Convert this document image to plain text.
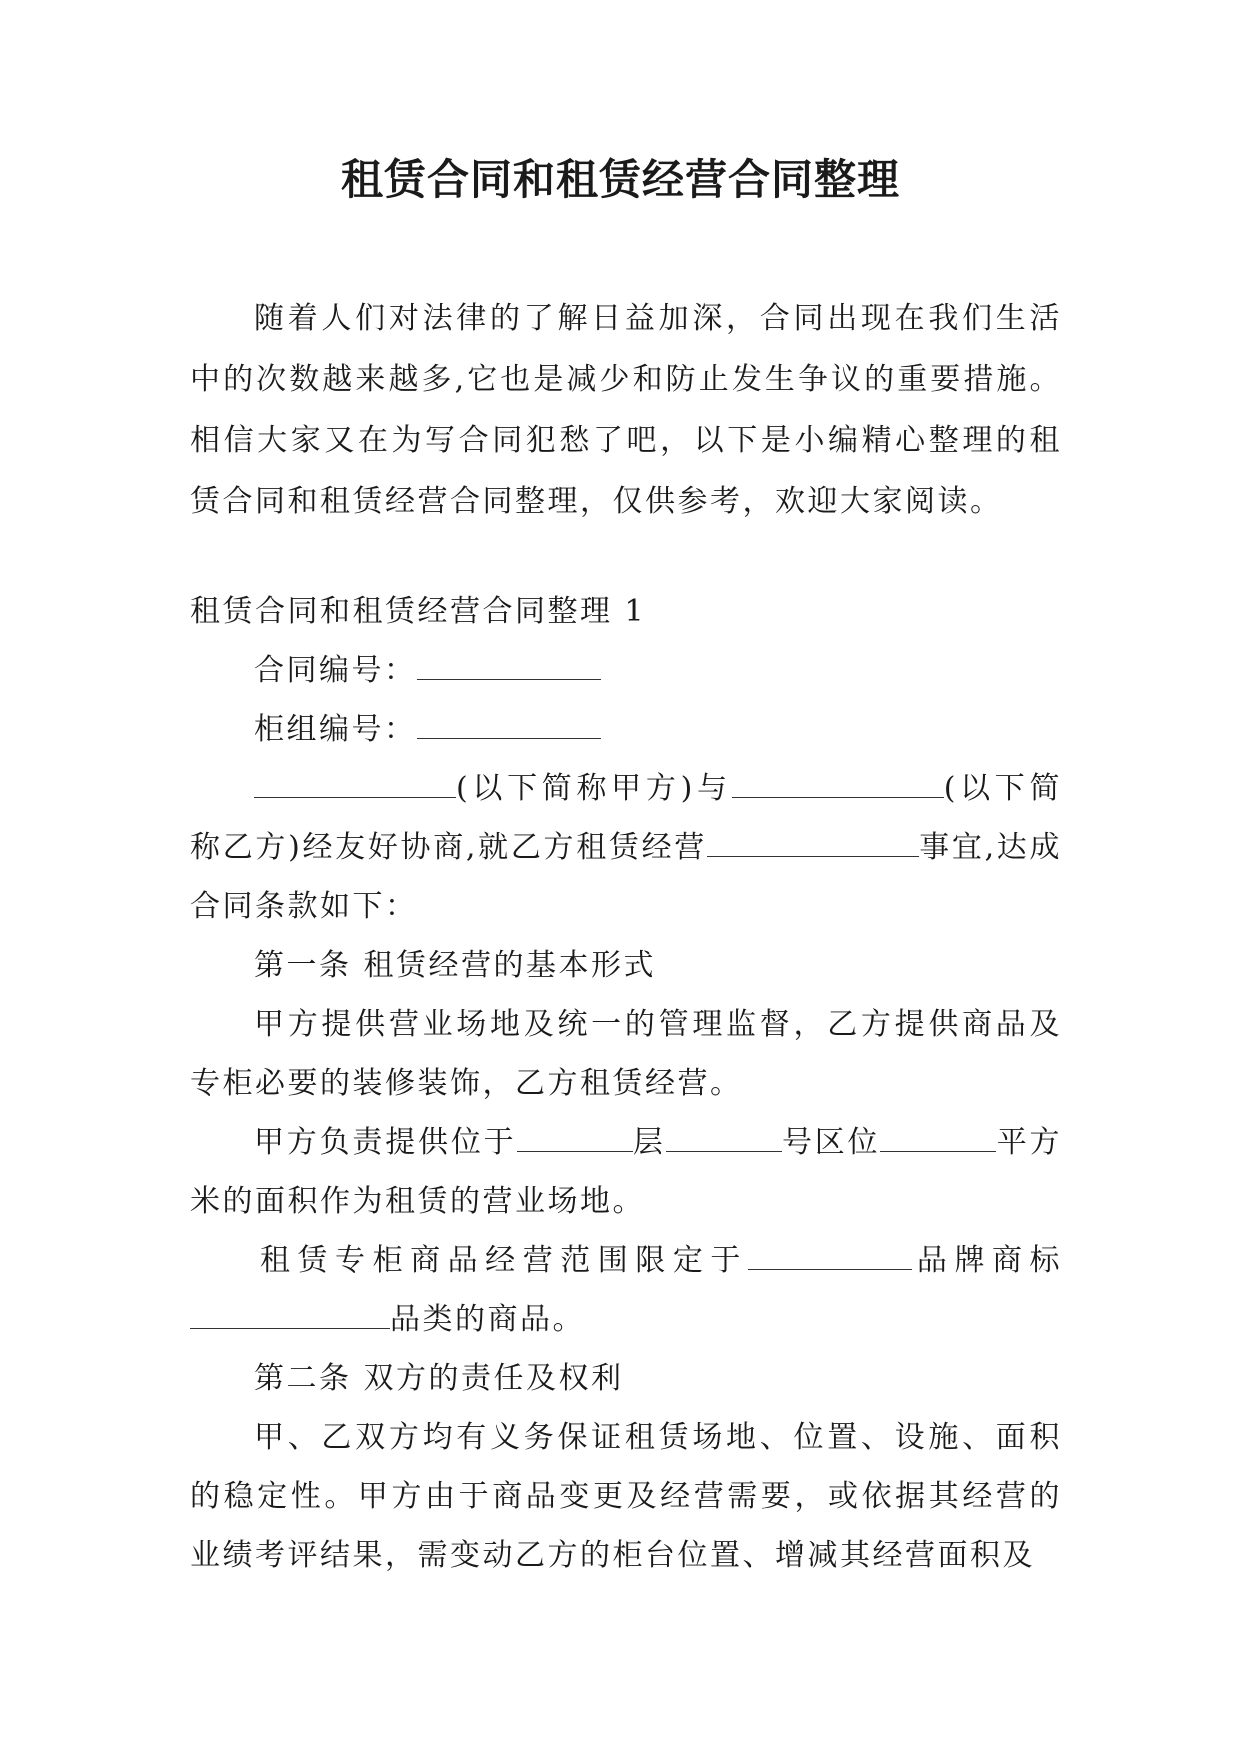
租赁合同和租赁经营合同整理

随着人们对法律的了解日益加深，合同出现在我们生活中的次数越来越多,它也是减少和防止发生争议的重要措施。相信大家又在为写合同犯愁了吧，以下是小编精心整理的租赁合同和租赁经营合同整理，仅供参考，欢迎大家阅读。

租赁合同和租赁经营合同整理 1

合同编号：

柜组编号：

(以下简称甲方)与	(以下简称乙方)经友好协商,就乙方租赁经营	事宜,达成合同条款如下：

第一条 租赁经营的基本形式

甲方提供营业场地及统一的管理监督，乙方提供商品及专柜必要的装修装饰，乙方租赁经营。

甲方负责提供位于	层	号区位	平方米的面积作为租赁的营业场地。

租赁专柜商品经营范围限定于	品牌商标品类的商品。

第二条 双方的责任及权利

甲、乙双方均有义务保证租赁场地、位置、设施、面积的稳定性。甲方由于商品变更及经营需要，或依据其经营的业绩考评结果，需变动乙方的柜台位置、增减其经营面积及
